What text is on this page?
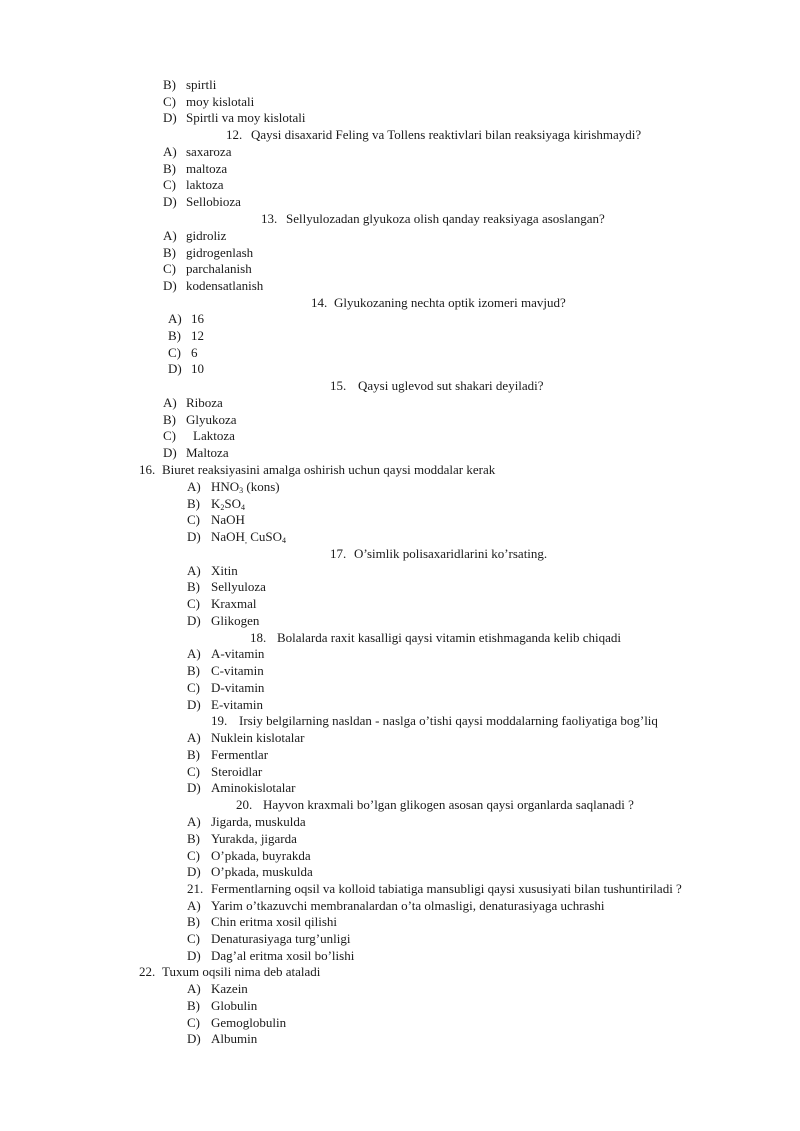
B) spirtli
C) moy kislotali
D) Spirtli va moy kislotali
12. Qaysi disaxarid Feling va Tollens reaktivlari bilan reaksiyaga kirishmaydi?
A) saxaroza
B) maltoza
C) laktoza
D) Sellobioza
13. Sellyulozadan glyukoza olish qanday reaksiyaga asoslangan?
A) gidroliz
B) gidrogenlash
C) parchalanish
D) kodensatlanish
14. Glyukozaning nechta optik izomeri mavjud?
A) 16
B) 12
C) 6
D) 10
15. Qaysi uglevod sut shakari deyiladi?
A) Riboza
B) Glyukoza
C) Laktoza
D) Maltoza
16. Biuret reaksiyasini amalga oshirish uchun qaysi moddalar kerak
A) $HNO_3$ (kons)
B) $K_2SO_4$
C) NaOH
D) NaOH$_,$ CuSO$_4$
17. O’simlik polisaxaridlarini ko’rsating.
A) Xitin
B) Sellyuloza
C) Kraxmal
D) Glikogen
18. Bolalarda raxit kasalligi qaysi vitamin etishmaganda kelib chiqadi
A) A-vitamin
B) C-vitamin
C) D-vitamin
D) E-vitamin
19. Irsiy belgilarning nasldan - naslga o’tishi qaysi moddalarning faoliyatiga bog’liq
A) Nuklein kislotalar
B) Fermentlar
C) Steroidlar
D) Aminokislotalar
20. Hayvon kraxmali bo’lgan glikogen asosan qaysi organlarda saqlanadi ?
A) Jigarda, muskulda
B) Yurakda, jigarda
C) O’pkada, buyrakda
D) O’pkada, muskulda
21. Fermentlarning oqsil va kolloid tabiatiga mansubligi qaysi xususiyati bilan tushuntiriladi ?
A) Yarim o’tkazuvchi membranalardan o’ta olmasligi, denaturasiyaga uchrashi
B) Chin eritma xosil qilishi
C) Denaturasiyaga turg’unligi
D) Dag’al eritma xosil bo’lishi
22. Tuxum oqsili nima deb ataladi
A) Kazein
B) Globulin
C) Gemoglobulin
D) Albumin
